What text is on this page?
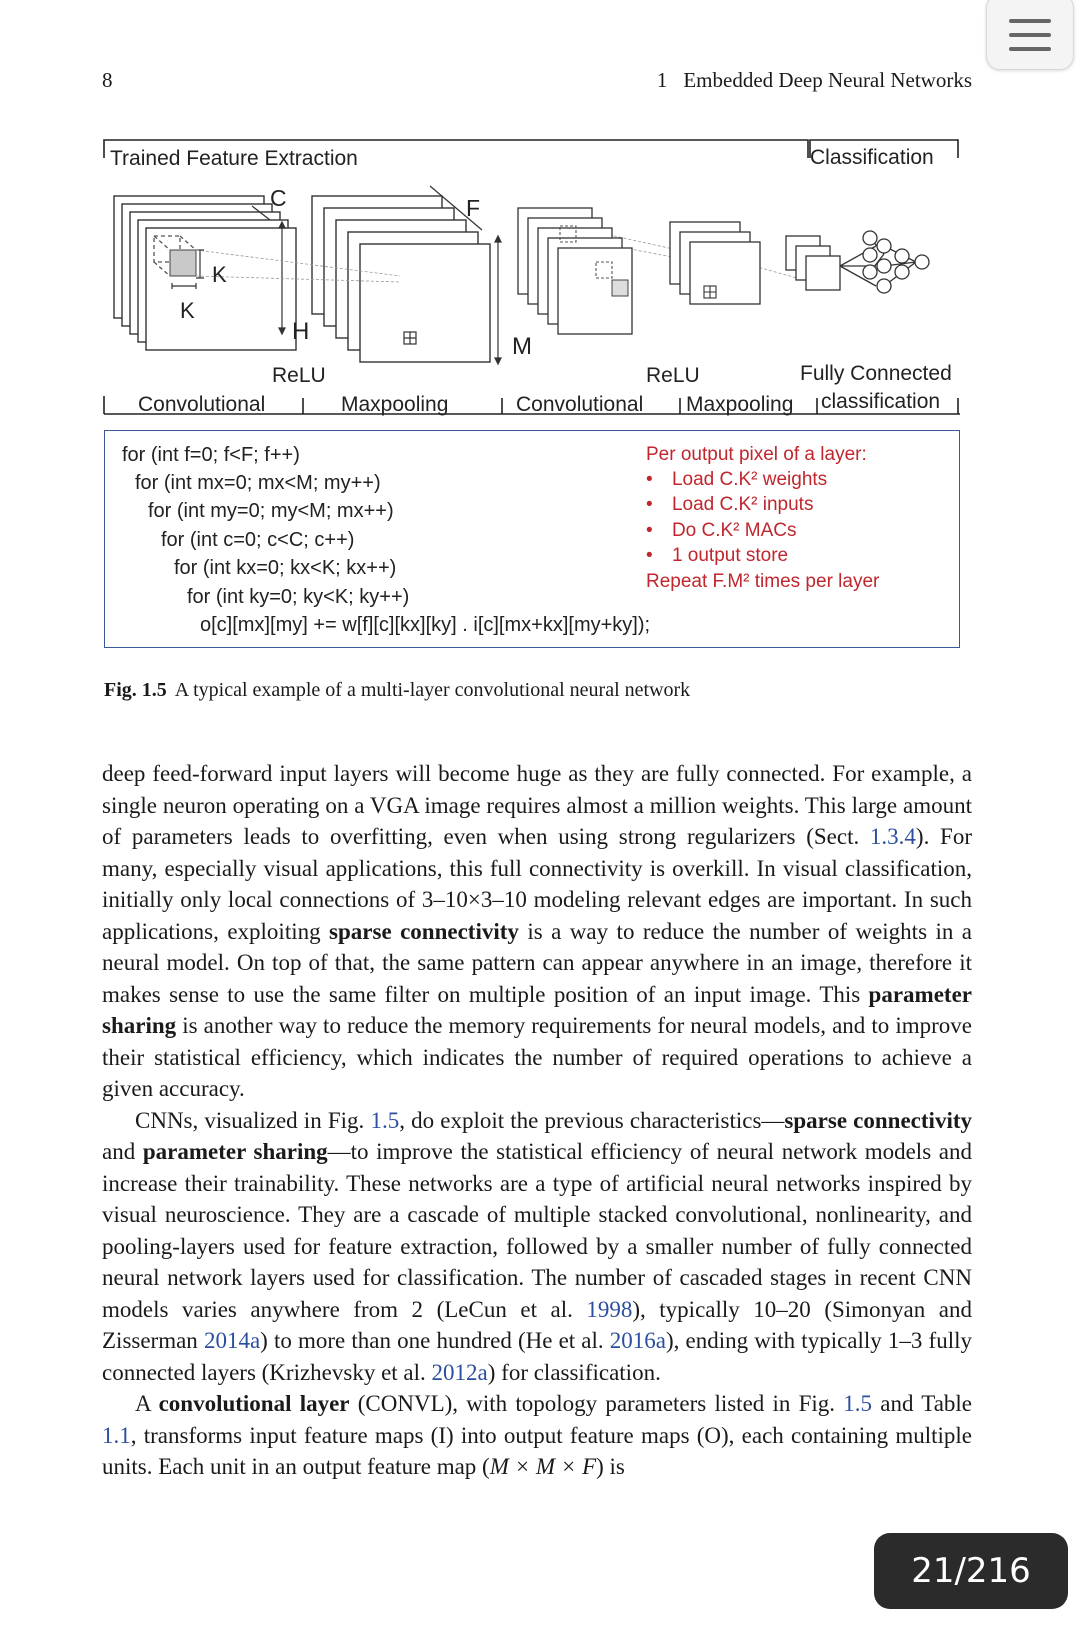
8	1 Embedded Deep Neural Networks
Trained Feature Extraction	Classification
C	F
K
K
H
M
ReLU	ReLU	Fully Connected
Convolutional	Maxpooling	Convolutional Maxpooling classification
for (int f=0; f<F; f++)
for (int mx=0; mx<M; my++)
for (int my=0; my<M; mx++)
for (int c=0; c<C; c++)
for (int kx=0; kx<K; kx++)
for (int ky=0; ky<K; ky++)
o[c][mx][my] += w[f][c][kx][ky] . i[c][mx+kx][my+ky]);
Per output pixel of a layer:
• Load C.K² weights
• Load C.K² inputs
• Do C.K² MACs
• 1 output store
Repeat F.M² times per layer
Fig. 1.5 A typical example of a multi-layer convolutional neural network

deep feed-forward input layers will become huge as they are fully connected. For example, a single neuron operating on a VGA image requires almost a million weights. This large amount of parameters leads to overfitting, even when using strong regularizers (Sect. 1.3.4). For many, especially visual applications, this full connectivity is overkill. In visual classification, initially only local connections of 3–10×3–10 modeling relevant edges are important. In such applications, exploiting sparse connectivity is a way to reduce the number of weights in a neural model. On top of that, the same pattern can appear anywhere in an image, therefore it makes sense to use the same filter on multiple position of an input image. This parameter sharing is another way to reduce the memory requirements for neural models, and to improve their statistical efficiency, which indicates the number of required operations to achieve a given accuracy.

CNNs, visualized in Fig. 1.5, do exploit the previous characteristics—sparse connectivity and parameter sharing—to improve the statistical efficiency of neural network models and increase their trainability. These networks are a type of artificial neural networks inspired by visual neuroscience. They are a cascade of multiple stacked convolutional, nonlinearity, and pooling-layers used for feature extraction, followed by a smaller number of fully connected neural network layers used for classification. The number of cascaded stages in recent CNN models varies anywhere from 2 (LeCun et al. 1998), typically 10–20 (Simonyan and Zisserman 2014a) to more than one hundred (He et al. 2016a), ending with typically 1–3 fully connected layers (Krizhevsky et al. 2012a) for classification.

A convolutional layer (CONVL), with topology parameters listed in Fig. 1.5 and Table 1.1, transforms input feature maps (I) into output feature maps (O), each containing multiple units. Each unit in an output feature map (M × M × F) is

21/216
